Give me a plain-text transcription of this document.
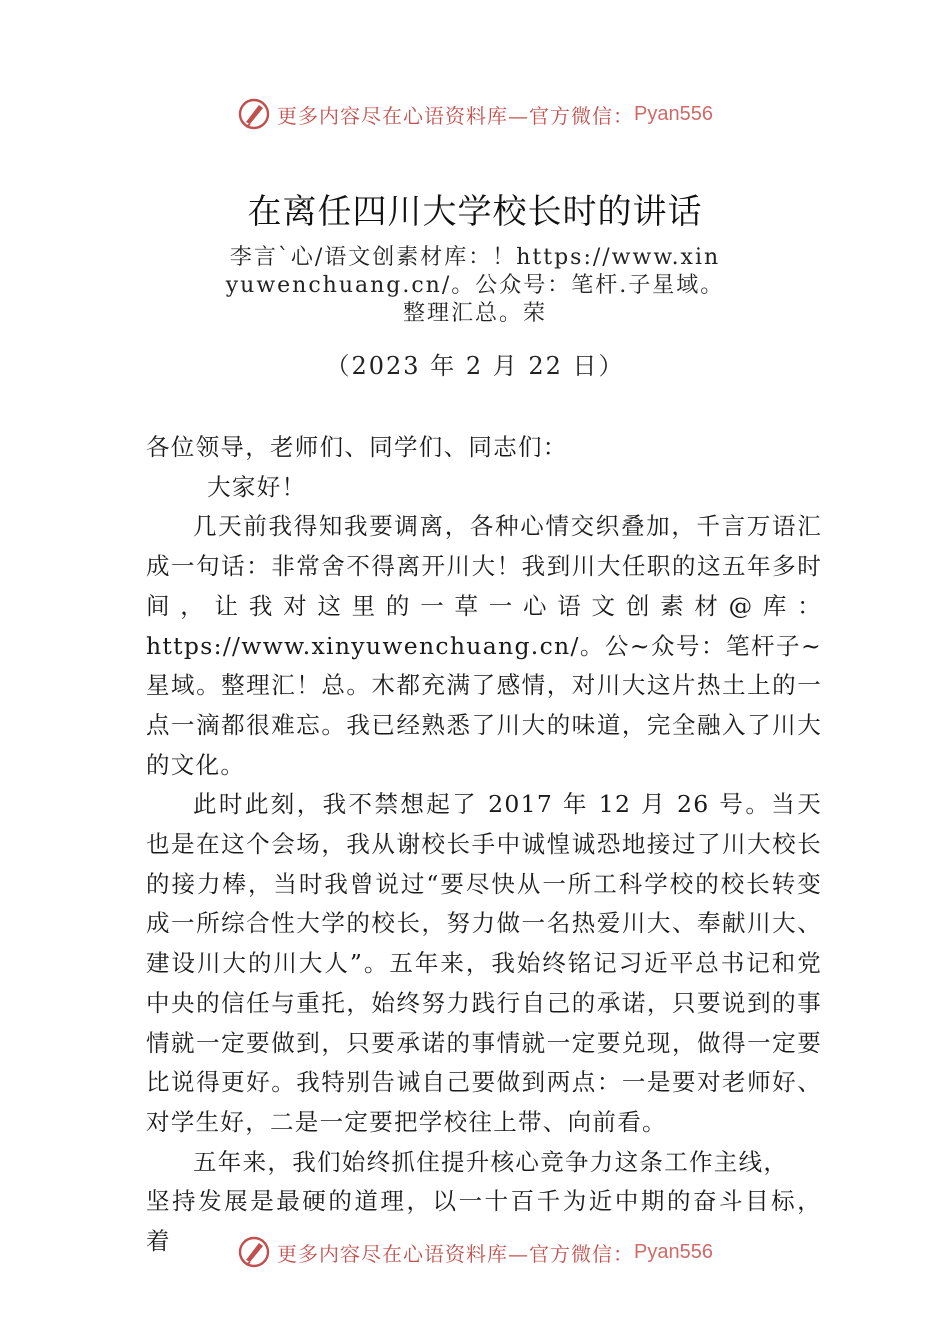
更多内容尽在心语资料库—官方微信： Pyan556
在离任四川大学校长时的讲话
李言`心/语文创素材库：！https://www.xinyuwenchuang.cn/。公众号：笔杆.子星域。整理汇总。荣
（2023 年 2 月 22 日）

各位领导，老师们、同学们、同志们：

大家好！

几天前我得知我要调离，各种心情交织叠加，千言万语汇成一句话：非常舍不得离开川大！我到川大任职的这五年多时间，让我对这里的一草一心语文创素材@库：https://www.xinyuwenchuang.cn/。公~众号：笔杆子~星域。整理汇！总。木都充满了感情，对川大这片热土上的一点一滴都很难忘。我已经熟悉了川大的味道，完全融入了川大的文化。

此时此刻，我不禁想起了 2017 年 12 月 26 号。当天也是在这个会场，我从谢校长手中诚惶诚恐地接过了川大校长的接力棒，当时我曾说过“要尽快从一所工科学校的校长转变成一所综合性大学的校长，努力做一名热爱川大、奉献川大、建设川大的川大人”。五年来，我始终铭记习近平总书记和党中央的信任与重托，始终努力践行自己的承诺，只要说到的事情就一定要做到，只要承诺的事情就一定要兑现，做得一定要比说得更好。我特别告诫自己要做到两点：一是要对老师好、对学生好，二是一定要把学校往上带、向前看。

五年来，我们始终抓住提升核心竞争力这条工作主线，

坚持发展是最硬的道理，以一十百千为近中期的奋斗目标， 着	更多内容尽在心语资料库—官方微信： Pyan556
